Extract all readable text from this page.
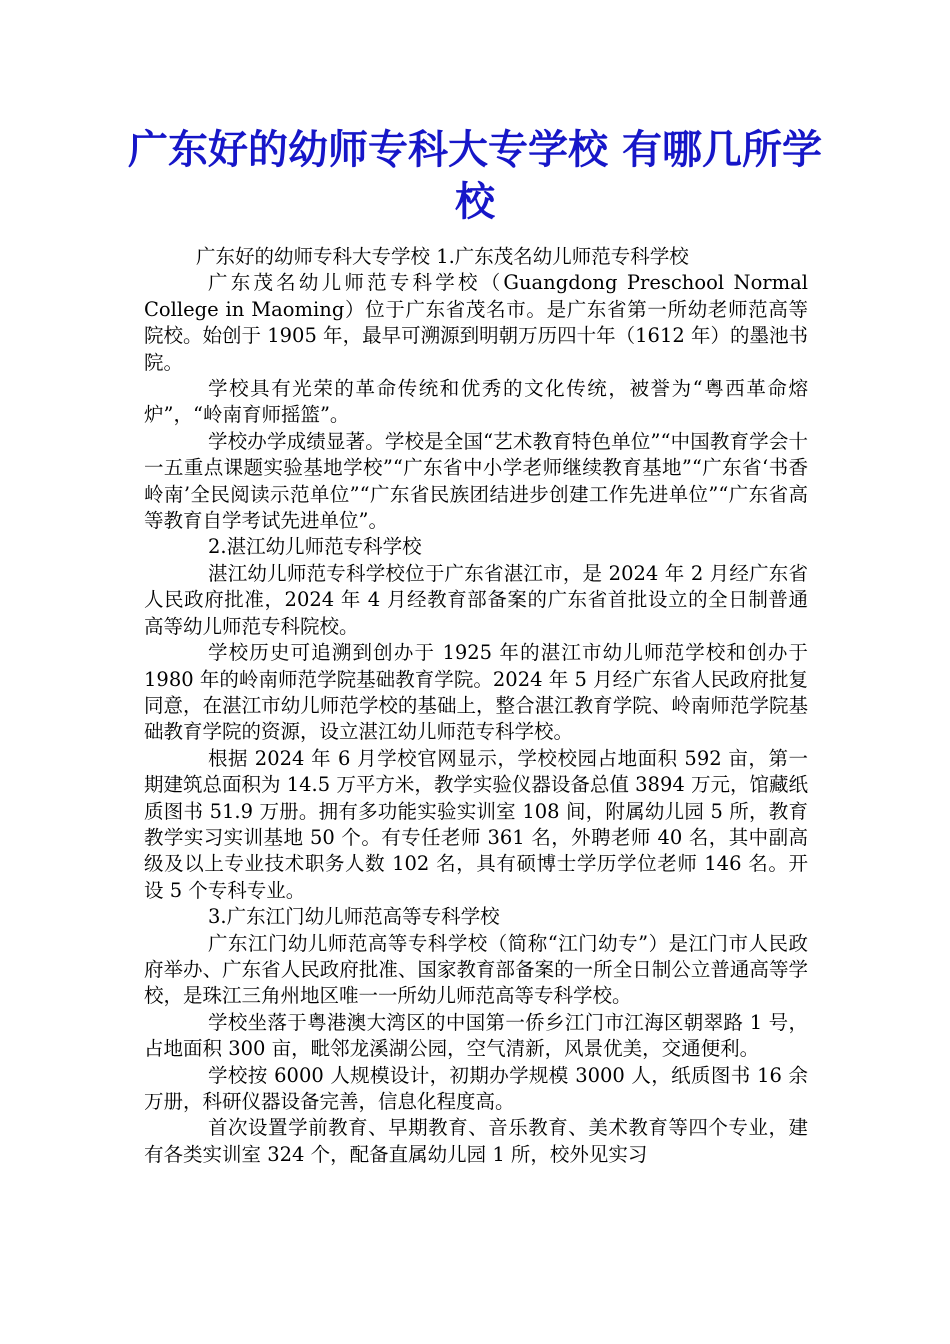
广东好的幼师专科大专学校 有哪几所学校

广东好的幼师专科大专学校 1.广东茂名幼儿师范专科学校

广东茂名幼儿师范专科学校（Guangdong Preschool Normal College in Maoming）位于广东省茂名市。是广东省第一所幼老师范高等院校。始创于 1905 年，最早可溯源到明朝万历四十年（1612 年）的墨池书院。

学校具有光荣的革命传统和优秀的文化传统，被誉为“粤西革命熔炉”，“岭南育师摇篮”。

学校办学成绩显著。学校是全国“艺术教育特色单位”“中国教育学会十一五重点课题实验基地学校”“广东省中小学老师继续教育基地”“广东省‘书香岭南’全民阅读示范单位”“广东省民族团结进步创建工作先进单位”“广东省高等教育自学考试先进单位”。

2.湛江幼儿师范专科学校

湛江幼儿师范专科学校位于广东省湛江市，是 2024 年 2 月经广东省人民政府批准，2024 年 4 月经教育部备案的广东省首批设立的全日制普通高等幼儿师范专科院校。

学校历史可追溯到创办于 1925 年的湛江市幼儿师范学校和创办于 1980 年的岭南师范学院基础教育学院。2024 年 5 月经广东省人民政府批复同意，在湛江市幼儿师范学校的基础上，整合湛江教育学院、岭南师范学院基础教育学院的资源，设立湛江幼儿师范专科学校。

根据 2024 年 6 月学校官网显示，学校校园占地面积 592 亩，第一期建筑总面积为 14.5 万平方米，教学实验仪器设备总值 3894 万元，馆藏纸质图书 51.9 万册。拥有多功能实验实训室 108 间，附属幼儿园 5 所，教育教学实习实训基地 50 个。有专任老师 361 名，外聘老师 40 名，其中副高级及以上专业技术职务人数 102 名，具有硕博士学历学位老师 146 名。开设 5 个专科专业。

3.广东江门幼儿师范高等专科学校

广东江门幼儿师范高等专科学校（简称“江门幼专”）是江门市人民政府举办、广东省人民政府批准、国家教育部备案的一所全日制公立普通高等学校，是珠江三角州地区唯一一所幼儿师范高等专科学校。

学校坐落于粤港澳大湾区的中国第一侨乡江门市江海区朝翠路 1 号，占地面积 300 亩，毗邻龙溪湖公园，空气清新，风景优美，交通便利。

学校按 6000 人规模设计，初期办学规模 3000 人，纸质图书 16 余万册，科研仪器设备完善，信息化程度高。

首次设置学前教育、早期教育、音乐教育、美术教育等四个专业，建有各类实训室 324 个，配备直属幼儿园 1 所，校外见实习
